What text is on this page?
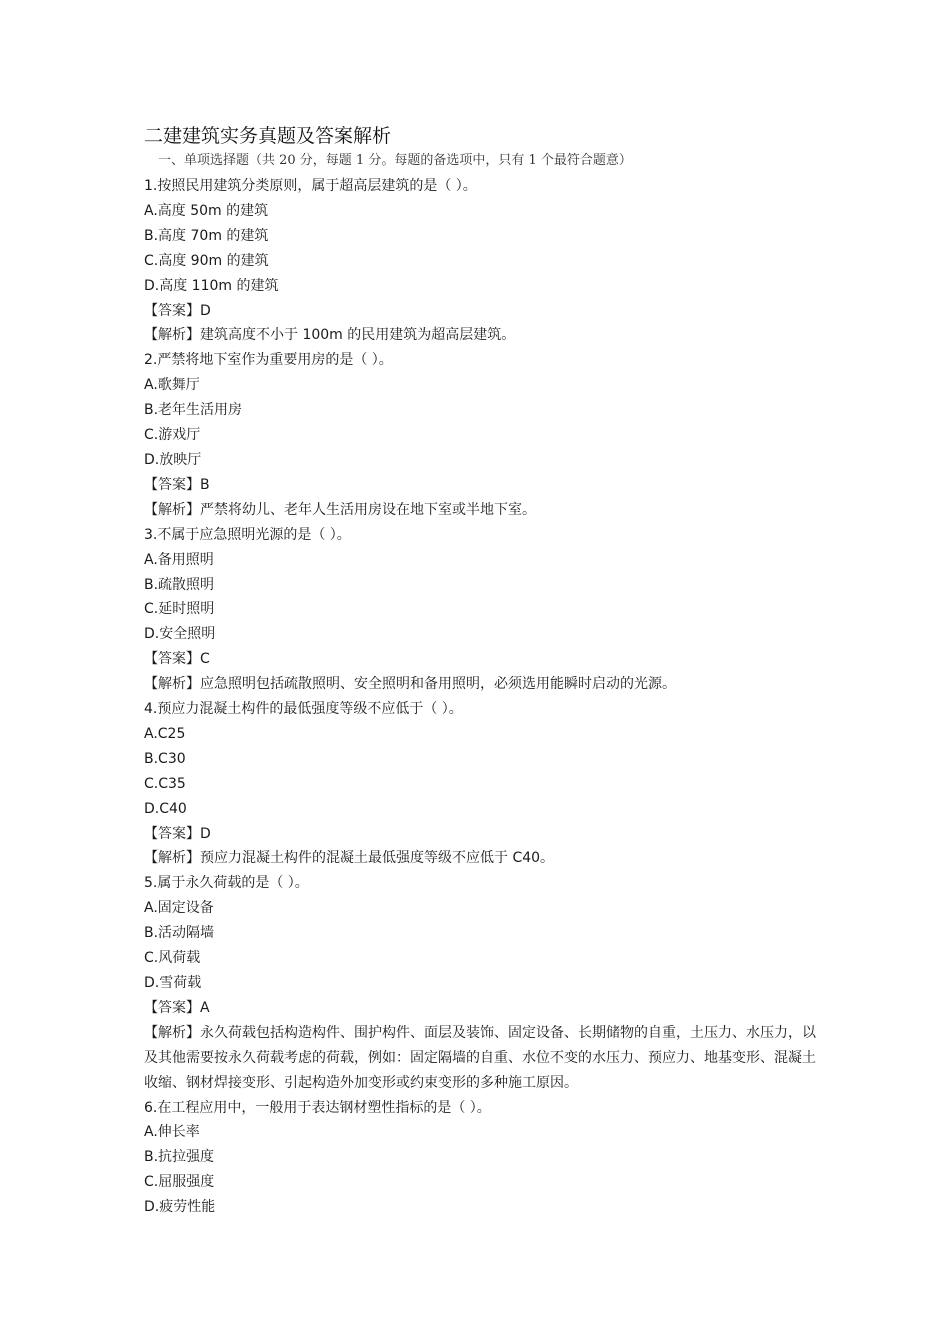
二建建筑实务真题及答案解析

一、单项选择题（共 20 分，每题 1 分。每题的备选项中，只有 1 个最符合题意）

1.按照民用建筑分类原则，属于超高层建筑的是（ ）。

A.高度 50m 的建筑

B.高度 70m 的建筑

C.高度 90m 的建筑

D.高度 110m 的建筑

【答案】D

【解析】建筑高度不小于 100m 的民用建筑为超高层建筑。

2.严禁将地下室作为重要用房的是（ ）。

A.歌舞厅

B.老年生活用房

C.游戏厅

D.放映厅

【答案】B

【解析】严禁将幼儿、老年人生活用房设在地下室或半地下室。

3.不属于应急照明光源的是（ ）。

A.备用照明

B.疏散照明

C.延时照明

D.安全照明

【答案】C

【解析】应急照明包括疏散照明、安全照明和备用照明，必须选用能瞬时启动的光源。

4.预应力混凝土构件的最低强度等级不应低于（ ）。

A.C25

B.C30

C.C35

D.C40

【答案】D

【解析】预应力混凝土构件的混凝土最低强度等级不应低于 C40。

5.属于永久荷载的是（ ）。

A.固定设备

B.活动隔墙

C.风荷载

D.雪荷载

【答案】A

【解析】永久荷载包括构造构件、围护构件、面层及装饰、固定设备、长期储物的自重，土压力、水压力，以及其他需要按永久荷载考虑的荷载，例如：固定隔墙的自重、水位不变的水压力、预应力、地基变形、混凝土收缩、钢材焊接变形、引起构造外加变形或约束变形的多种施工原因。

6.在工程应用中，一般用于表达钢材塑性指标的是（ ）。

A.伸长率

B.抗拉强度

C.屈服强度

D.疲劳性能
